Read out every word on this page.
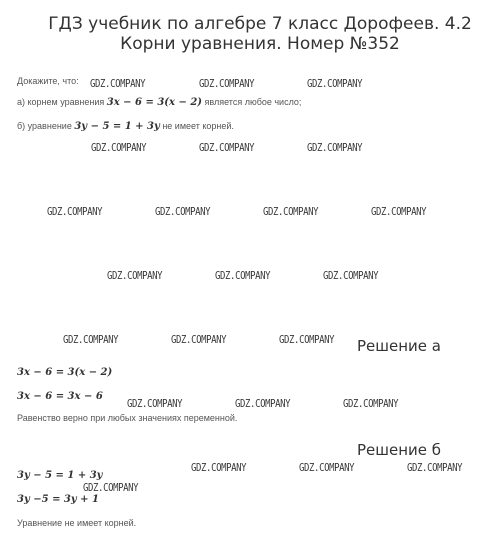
ГДЗ учебник по алгебре 7 класс Дорофеев. 4.2 Корни уравнения. Номер №352
Докажите, что:
а) корнем уравнения 3x − 6 = 3(x − 2) является любое число;
б) уравнение 3y − 5 = 1 + 3y не имеет корней.
Решение а
3x − 6 = 3(x − 2)
3x − 6 = 3x − 6
Равенство верно при любых значениях переменной.
Решение б
3y − 5 = 1 + 3y
3y −5 = 3y + 1
Уравнение не имеет корней.
GDZ.COMPANY	GDZ.COMPANY	GDZ.COMPANY
GDZ.COMPANY	GDZ.COMPANY	GDZ.COMPANY
GDZ.COMPANY	GDZ.COMPANY	GDZ.COMPANY	GDZ.COMPANY
GDZ.COMPANY	GDZ.COMPANY	GDZ.COMPANY
GDZ.COMPANY	GDZ.COMPANY	GDZ.COMPANY
GDZ.COMPANY	GDZ.COMPANY	GDZ.COMPANY
GDZ.COMPANY	GDZ.COMPANY	GDZ.COMPANY
GDZ.COMPANY
